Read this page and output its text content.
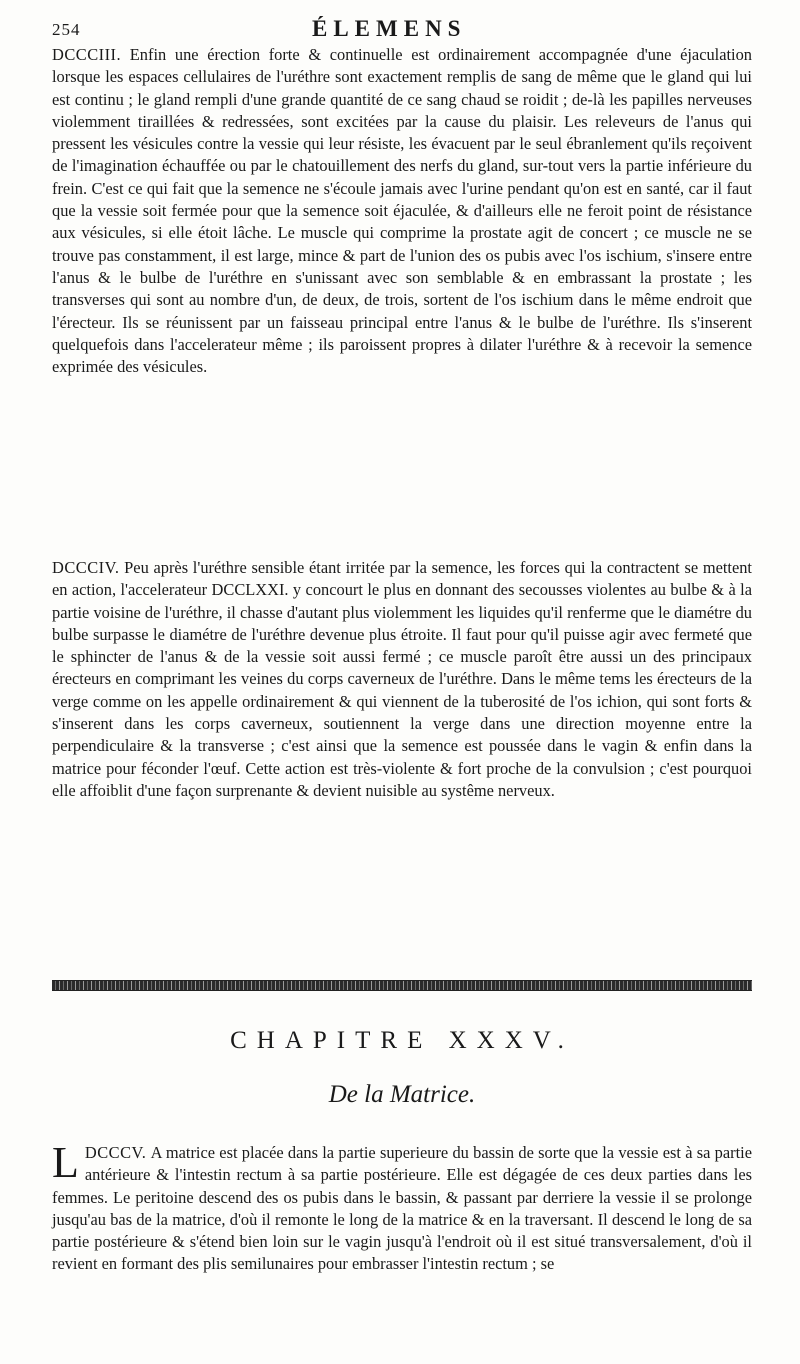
254	ÉLEMENS

DCCCIII. Enfin une érection forte & continuelle est ordinairement accompagnée d'une éjaculation lorsque les espaces cellulaires de l'uréthre sont exactement remplis de sang de même que le gland qui lui est continu ; le gland rempli d'une grande quantité de ce sang chaud se roidit ; de-là les papilles nerveuses violemment tiraillées & redressées, sont excitées par la cause du plaisir. Les releveurs de l'anus qui pressent les vésicules contre la vessie qui leur résiste, les évacuent par le seul ébranlement qu'ils reçoivent de l'imagination échauffée ou par le chatouillement des nerfs du gland, sur-tout vers la partie inférieure du frein. C'est ce qui fait que la semence ne s'écoule jamais avec l'urine pendant qu'on est en santé, car il faut que la vessie soit fermée pour que la semence soit éjaculée, & d'ailleurs elle ne feroit point de résistance aux vésicules, si elle étoit lâche. Le muscle qui comprime la prostate agit de concert ; ce muscle ne se trouve pas constamment, il est large, mince & part de l'union des os pubis avec l'os ischium, s'insere entre l'anus & le bulbe de l'uréthre en s'unissant avec son semblable & en embrassant la prostate ; les transverses qui sont au nombre d'un, de deux, de trois, sortent de l'os ischium dans le même endroit que l'érecteur. Ils se réunissent par un faisseau principal entre l'anus & le bulbe de l'uréthre. Ils s'inserent quelquefois dans l'accelerateur même ; ils paroissent propres à dilater l'uréthre & à recevoir la semence exprimée des vésicules.

DCCCIV. Peu après l'uréthre sensible étant irritée par la semence, les forces qui la contractent se mettent en action, l'accelerateur DCCLXXI. y concourt le plus en donnant des secousses violentes au bulbe & à la partie voisine de l'uréthre, il chasse d'autant plus violemment les liquides qu'il renferme que le diamétre du bulbe surpasse le diamétre de l'uréthre devenue plus étroite. Il faut pour qu'il puisse agir avec fermeté que le sphincter de l'anus & de la vessie soit aussi fermé ; ce muscle paroît être aussi un des principaux érecteurs en comprimant les veines du corps caverneux de l'uréthre. Dans le même tems les érecteurs de la verge comme on les appelle ordinairement & qui viennent de la tuberosité de l'os ichion, qui sont forts & s'inserent dans les corps caverneux, soutiennent la verge dans une direction moyenne entre la perpendiculaire & la transverse ; c'est ainsi que la semence est poussée dans le vagin & enfin dans la matrice pour féconder l'œuf. Cette action est très-violente & fort proche de la convulsion ; c'est pourquoi elle affoiblit d'une façon surprenante & devient nuisible au systême nerveux.

CHAPITRE XXXV.
De la Matrice.

DCCCV.
L	A matrice est placée dans la partie superieure du bassin de sorte que la vessie est à sa partie antérieure & l'intestin rectum à sa partie postérieure. Elle est dégagée de ces deux parties dans les femmes. Le peritoine descend des os pubis dans le bassin, & passant par derriere la vessie il se prolonge jusqu'au bas de la matrice, d'où il remonte le long de la matrice & en la traversant. Il descend le long de sa partie postérieure & s'étend bien loin sur le vagin jusqu'à l'endroit où il est situé transversalement, d'où il revient en formant des plis semilunaires pour embrasser l'intestin rectum ; se
